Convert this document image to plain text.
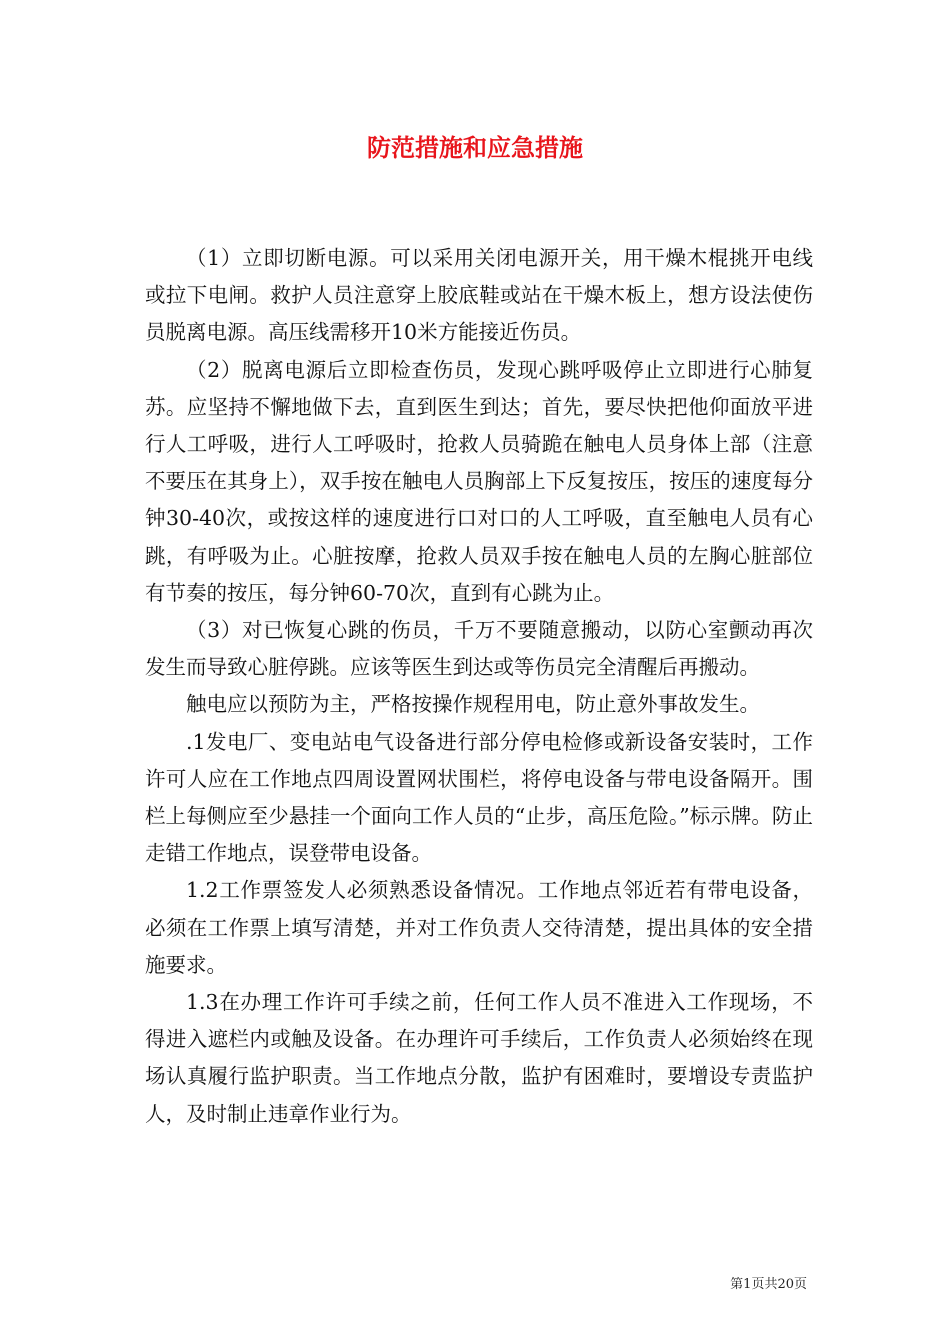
防范措施和应急措施

（1）立即切断电源。可以采用关闭电源开关，用干燥木棍挑开电线或拉下电闸。救护人员注意穿上胶底鞋或站在干燥木板上，想方设法使伤员脱离电源。高压线需移开10米方能接近伤员。

（2）脱离电源后立即检查伤员，发现心跳呼吸停止立即进行心肺复苏。应坚持不懈地做下去，直到医生到达；首先，要尽快把他仰面放平进行人工呼吸，进行人工呼吸时，抢救人员骑跪在触电人员身体上部（注意不要压在其身上），双手按在触电人员胸部上下反复按压，按压的速度每分钟30-40次，或按这样的速度进行口对口的人工呼吸，直至触电人员有心跳，有呼吸为止。心脏按摩，抢救人员双手按在触电人员的左胸心脏部位有节奏的按压，每分钟60-70次，直到有心跳为止。

（3）对已恢复心跳的伤员，千万不要随意搬动，以防心室颤动再次发生而导致心脏停跳。应该等医生到达或等伤员完全清醒后再搬动。

触电应以预防为主，严格按操作规程用电，防止意外事故发生。

.1发电厂、变电站电气设备进行部分停电检修或新设备安装时，工作许可人应在工作地点四周设置网状围栏，将停电设备与带电设备隔开。围栏上每侧应至少悬挂一个面向工作人员的“止步，高压危险。”标示牌。防止走错工作地点，误登带电设备。

1.2工作票签发人必须熟悉设备情况。工作地点邻近若有带电设备，必须在工作票上填写清楚，并对工作负责人交待清楚，提出具体的安全措施要求。

1.3在办理工作许可手续之前，任何工作人员不准进入工作现场，不得进入遮栏内或触及设备。在办理许可手续后，工作负责人必须始终在现场认真履行监护职责。当工作地点分散，监护有困难时，要增设专责监护人，及时制止违章作业行为。

第1页共20页
